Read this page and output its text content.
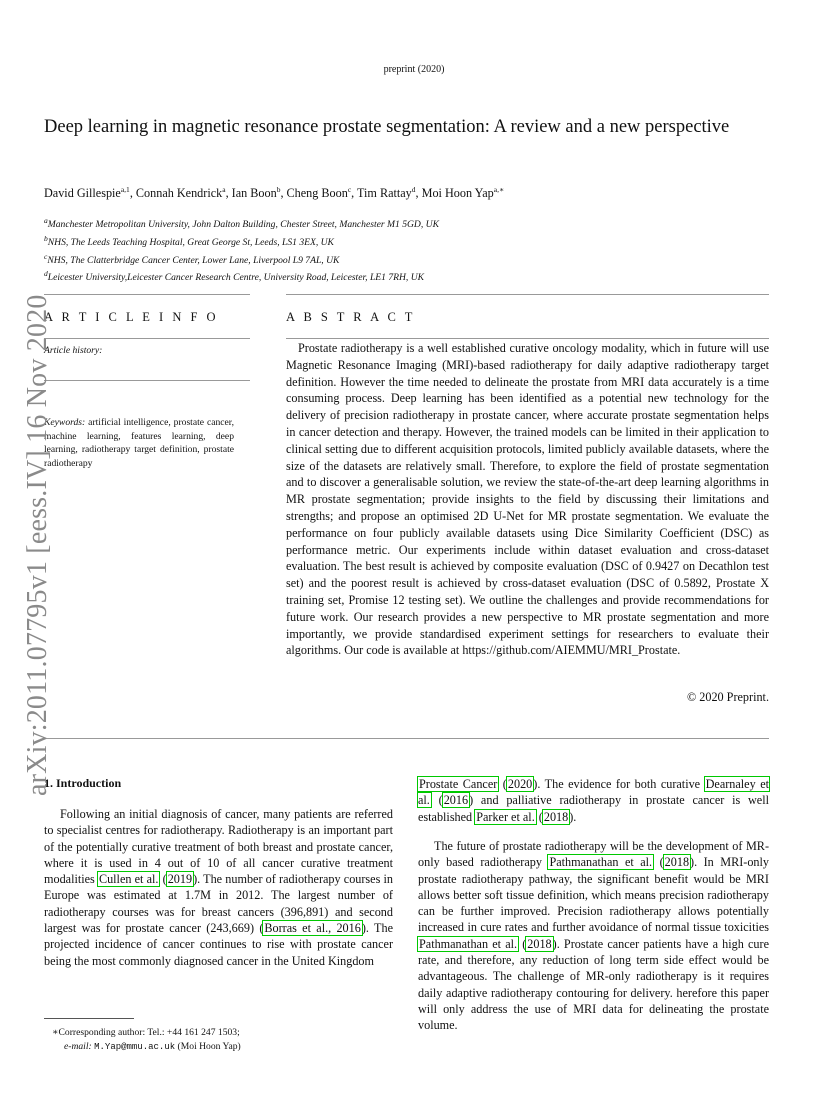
preprint (2020)
Deep learning in magnetic resonance prostate segmentation: A review and a new perspective
David Gillespie$^{a,1}$, Connah Kendrick$^a$, Ian Boon$^b$, Cheng Boon$^c$, Tim Rattay$^d$, Moi Hoon Yap$^{a,∗}$
$^a$Manchester Metropolitan University, John Dalton Building, Chester Street, Manchester M1 5GD, UK
$^b$NHS, The Leeds Teaching Hospital, Great George St, Leeds, LS1 3EX, UK
$^c$NHS, The Clatterbridge Cancer Center, Lower Lane, Liverpool L9 7AL, UK
$^d$Leicester University,Leicester Cancer Research Centre, University Road, Leicester, LE1 7RH, UK
A R T I C L E I N F O	A B S T R A C T
Article history:
Keywords: artificial intelligence, prostate cancer, machine learning, features learning, deep learning, radiotherapy target definition, prostate radiotherapy

Prostate radiotherapy is a well established curative oncology modality, which in future will use Magnetic Resonance Imaging (MRI)-based radiotherapy for daily adaptive radiotherapy target definition. However the time needed to delineate the prostate from MRI data accurately is a time consuming process. Deep learning has been identified as a potential new technology for the delivery of precision radiotherapy in prostate cancer, where accurate prostate segmentation helps in cancer detection and therapy. However, the trained models can be limited in their application to clinical setting due to different acquisition protocols, limited publicly available datasets, where the size of the datasets are relatively small. Therefore, to explore the field of prostate segmentation and to discover a generalisable solution, we review the state-of-the-art deep learning algorithms in MR prostate segmentation; provide insights to the field by discussing their limitations and strengths; and propose an optimised 2D U-Net for MR prostate segmentation. We evaluate the performance on four publicly available datasets using Dice Similarity Coefficient (DSC) as performance metric. Our experiments include within dataset evaluation and cross-dataset evaluation. The best result is achieved by composite evaluation (DSC of 0.9427 on Decathlon test set) and the poorest result is achieved by cross-dataset evaluation (DSC of 0.5892, Prostate X training set, Promise 12 testing set). We outline the challenges and provide recommendations for future work. Our research provides a new perspective to MR prostate segmentation and more importantly, we provide standardised experiment settings for researchers to evaluate their algorithms. Our code is available at https://github.com/AIEMMU/MRI_Prostate.

© 2020 Preprint.
1. Introduction

Following an initial diagnosis of cancer, many patients are referred to specialist centres for radiotherapy. Radiotherapy is an important part of the potentially curative treatment of both breast and prostate cancer, where it is used in 4 out of 10 of all cancer curative treatment modalities Cullen et al. (2019). The number of radiotherapy courses in Europe was estimated at 1.7M in 2012. The largest number of radiotherapy courses was for breast cancers (396,891) and second largest was for prostate cancer (243,669) (Borras et al., 2016). The projected incidence of cancer continues to rise with prostate cancer being the most commonly diagnosed cancer in the United Kingdom

Prostate Cancer (2020). The evidence for both curative Dearnaley et al. (2016) and palliative radiotherapy in prostate cancer is well established Parker et al. (2018).

The future of prostate radiotherapy will be the development of MR-only based radiotherapy Pathmanathan et al. (2018). In MRI-only prostate radiotherapy pathway, the significant benefit would be MRI allows better soft tissue definition, which means precision radiotherapy can be further improved. Precision radiotherapy allows potentially increased in cure rates and further avoidance of normal tissue toxicities Pathmanathan et al. (2018). Prostate cancer patients have a high cure rate, and therefore, any reduction of long term side effect would be advantageous. The challenge of MR-only radiotherapy is it requires daily adaptive radiotherapy contouring for delivery. herefore this paper will only address the use of MRI data for delineating the prostate volume.

∗Corresponding author: Tel.: +44 161 247 1503;
e-mail: M.Yap@mmu.ac.uk (Moi Hoon Yap)
arXiv:2011.07795v1 [eess.IV] 16 Nov 2020
